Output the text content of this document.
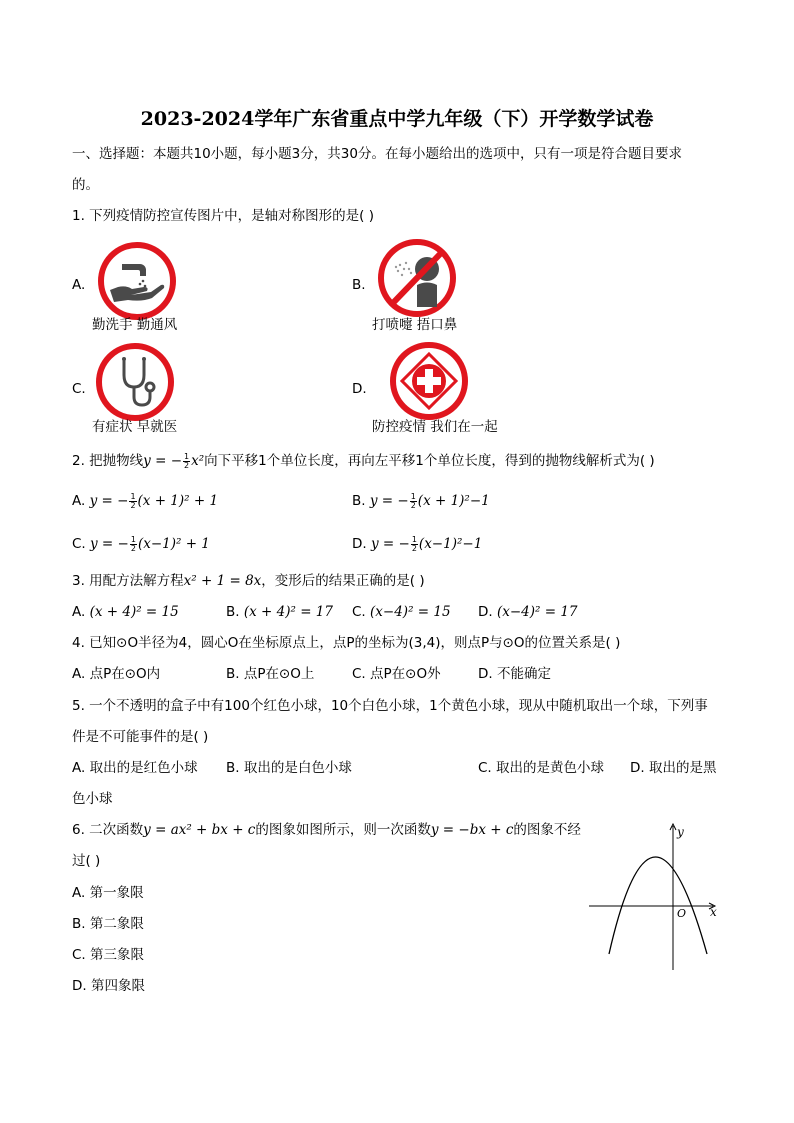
2023-2024学年广东省重点中学九年级（下）开学数学试卷
一、选择题：本题共10小题，每小题3分，共30分。在每小题给出的选项中，只有一项是符合题目要求
的。
1. 下列疫情防控宣传图片中，是轴对称图形的是( )
A.
勤洗手 勤通风
B.
打喷嚏 捂口鼻
C.
有症状 早就医
D.
防控疫情 我们在一起
2. 把抛物线y = − $\frac{1}{2} x^2$向下平移1个单位长度，再向左平移1个单位长度，得到的抛物线解析式为( )
A. y = − $\frac{1}{2} (x + 1)^2 + 1$	B. y = − $\frac{1}{2} (x + 1)^2-1$
C. y = − $\frac{1}{2} (x-1)^2 + 1$	D. y = − $\frac{1}{2} (x-1)^2-1$
3. 用配方法解方程x² + 1 = 8x，变形后的结果正确的是( )
A. (x + 4)² = 15	B. (x + 4)² = 17 C. (x−4)² = 15 D. (x−4)² = 17
4. 已知⊙O半径为4，圆心O在坐标原点上，点P的坐标为(3,4)，则点P与⊙O的位置关系是( )
A. 点P在⊙O内	B. 点P在⊙O上	C. 点P在⊙O外	D. 不能确定
5. 一个不透明的盒子中有100个红色小球，10个白色小球，1个黄色小球，现从中随机取出一个球，下列事
件是不可能事件的是( )
A. 取出的是红色小球 B. 取出的是白色小球	C. 取出的是黄色小球 D. 取出的是黑
色小球
6. 二次函数y = ax² + bx + c的图象如图所示，则一次函数y = −bx + c的图象不经
过( )
A. 第一象限
B. 第二象限
C. 第三象限
D. 第四象限
y
x
O
